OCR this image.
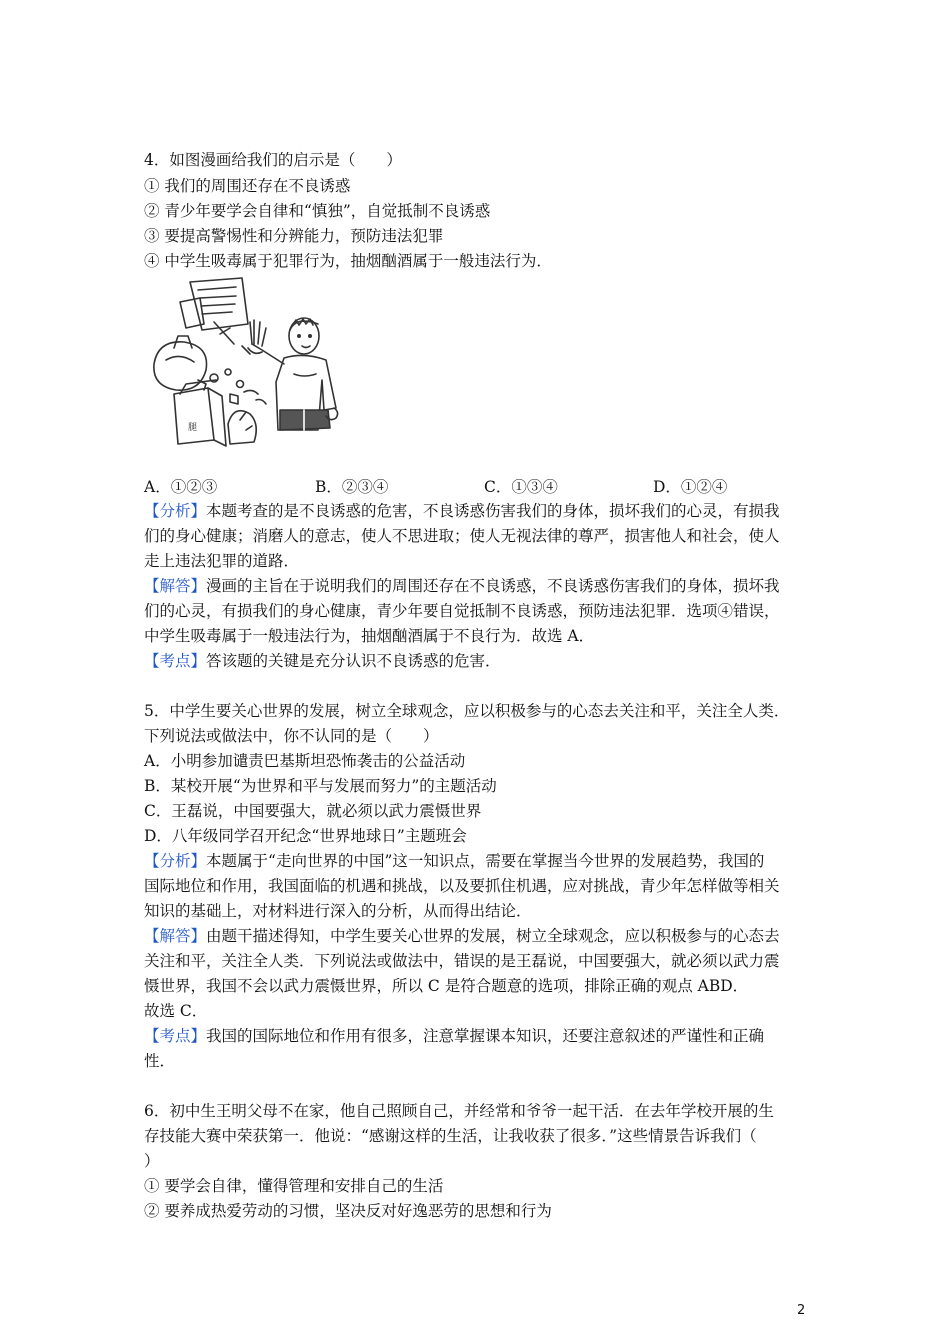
4．如图漫画给我们的启示是（　　）
① 我们的周围还存在不良诱惑
② 青少年要学会自律和“慎独”，自觉抵制不良诱惑
③ 要提高警惕性和分辨能力，预防违法犯罪
④ 中学生吸毒属于犯罪行为，抽烟酗酒属于一般违法行为．
腿
A．①②③	B．②③④	C．①③④	D．①②④
【分析】本题考查的是不良诱惑的危害，不良诱惑伤害我们的身体，损坏我们的心灵，有损我
们的身心健康；消磨人的意志，使人不思进取；使人无视法律的尊严，损害他人和社会，使人
走上违法犯罪的道路．
【解答】漫画的主旨在于说明我们的周围还存在不良诱惑，不良诱惑伤害我们的身体，损坏我
们的心灵，有损我们的身心健康，青少年要自觉抵制不良诱惑，预防违法犯罪．选项④错误，
中学生吸毒属于一般违法行为，抽烟酗酒属于不良行为．故选 A．
【考点】答该题的关键是充分认识不良诱惑的危害．
5．中学生要关心世界的发展，树立全球观念，应以积极参与的心态去关注和平，关注全人类．
下列说法或做法中，你不认同的是（　　）
A．小明参加谴责巴基斯坦恐怖袭击的公益活动
B．某校开展“为世界和平与发展而努力”的主题活动
C．王磊说，中国要强大，就必须以武力震慑世界
D．八年级同学召开纪念“世界地球日”主题班会
【分析】本题属于“走向世界的中国”这一知识点，需要在掌握当今世界的发展趋势，我国的
国际地位和作用，我国面临的机遇和挑战，以及要抓住机遇，应对挑战，青少年怎样做等相关
知识的基础上，对材料进行深入的分析，从而得出结论．
【解答】由题干描述得知，中学生要关心世界的发展，树立全球观念，应以积极参与的心态去
关注和平，关注全人类．下列说法或做法中，错误的是王磊说，中国要强大，就必须以武力震
慑世界，我国不会以武力震慑世界，所以 C 是符合题意的选项，排除正确的观点 ABD．
故选 C．
【考点】我国的国际地位和作用有很多，注意掌握课本知识，还要注意叙述的严谨性和正确
性．
6．初中生王明父母不在家，他自己照顾自己，并经常和爷爷一起干活．在去年学校开展的生
存技能大赛中荣获第一．他说：“感谢这样的生活，让我收获了很多．”这些情景告诉我们（
）
① 要学会自律，懂得管理和安排自己的生活
② 要养成热爱劳动的习惯，坚决反对好逸恶劳的思想和行为
2
